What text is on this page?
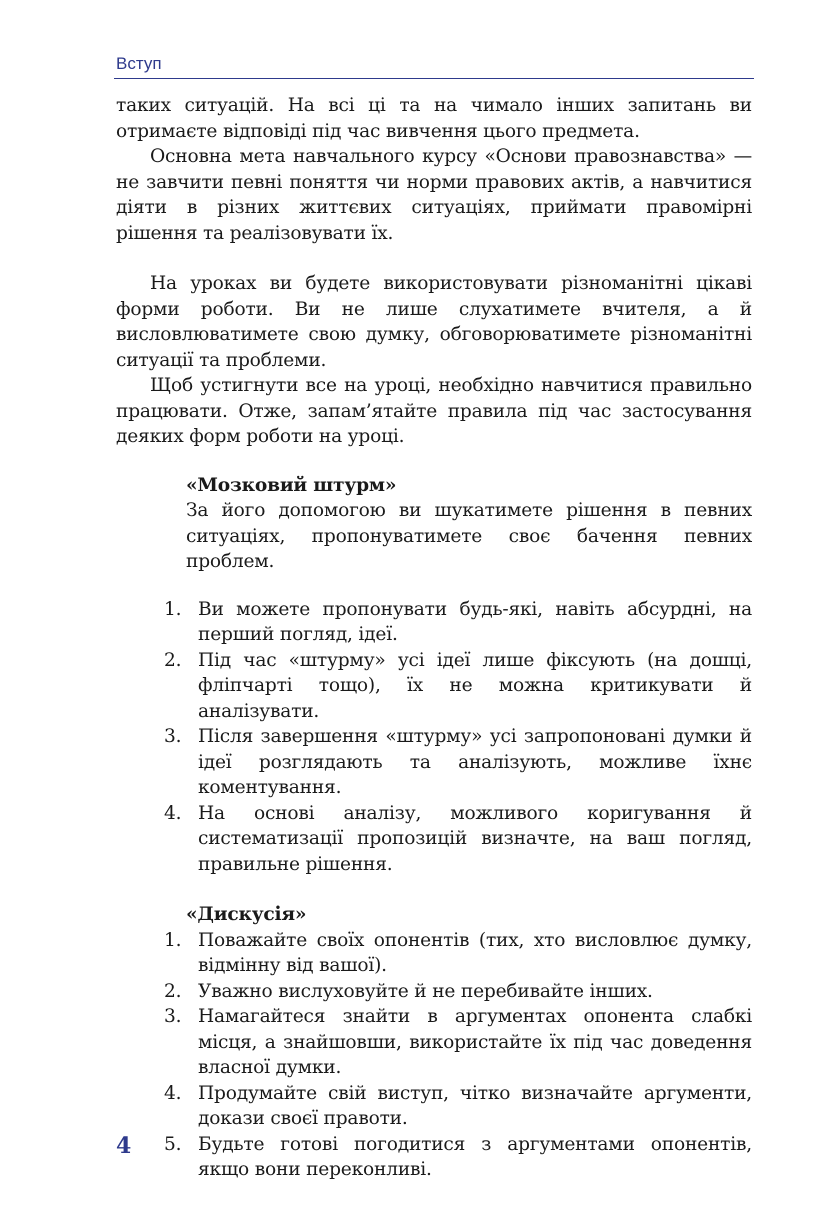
Вступ

таких ситуацій. На всі ці та на чимало інших запитань ви отримаєте відповіді під час вивчення цього предмета.

Основна мета навчального курсу «Основи правознавства» — не завчити певні поняття чи норми правових актів, а навчитися діяти в різних життєвих ситуаціях, приймати правомірні рішення та реалізовувати їх.

На уроках ви будете використовувати різноманітні цікаві форми роботи. Ви не лише слухатимете вчителя, а й висловлюватимете свою думку, обговорюватимете різноманітні ситуації та проблеми.

Щоб устигнути все на уроці, необхідно навчитися правильно працювати. Отже, запам’ятайте правила під час застосування деяких форм роботи на уроці.

«Мозковий штурм»

За його допомогою ви шукатимете рішення в певних ситуаціях, пропонуватимете своє бачення певних проблем.

1. Ви можете пропонувати будь-які, навіть абсурдні, на перший погляд, ідеї.
2. Під час «штурму» усі ідеї лише фіксують (на дошці, фліпчарті тощо), їх не можна критикувати й аналізувати.
3. Після завершення «штурму» усі запропоновані думки й ідеї розглядають та аналізують, можливе їхнє коментування.
4. На основі аналізу, можливого коригування й систематизації пропозицій визначте, на ваш погляд, правильне рішення.

«Дискусія»

1. Поважайте своїх опонентів (тих, хто висловлює думку, відмінну від вашої).
2. Уважно вислуховуйте й не перебивайте інших.
3. Намагайтеся знайти в аргументах опонента слабкі місця, а знайшовши, використайте їх під час доведення власної думки.
4. Продумайте свій виступ, чітко визначайте аргументи, докази своєї правоти.
5. Будьте готові погодитися з аргументами опонентів, якщо вони переконливі.
4
